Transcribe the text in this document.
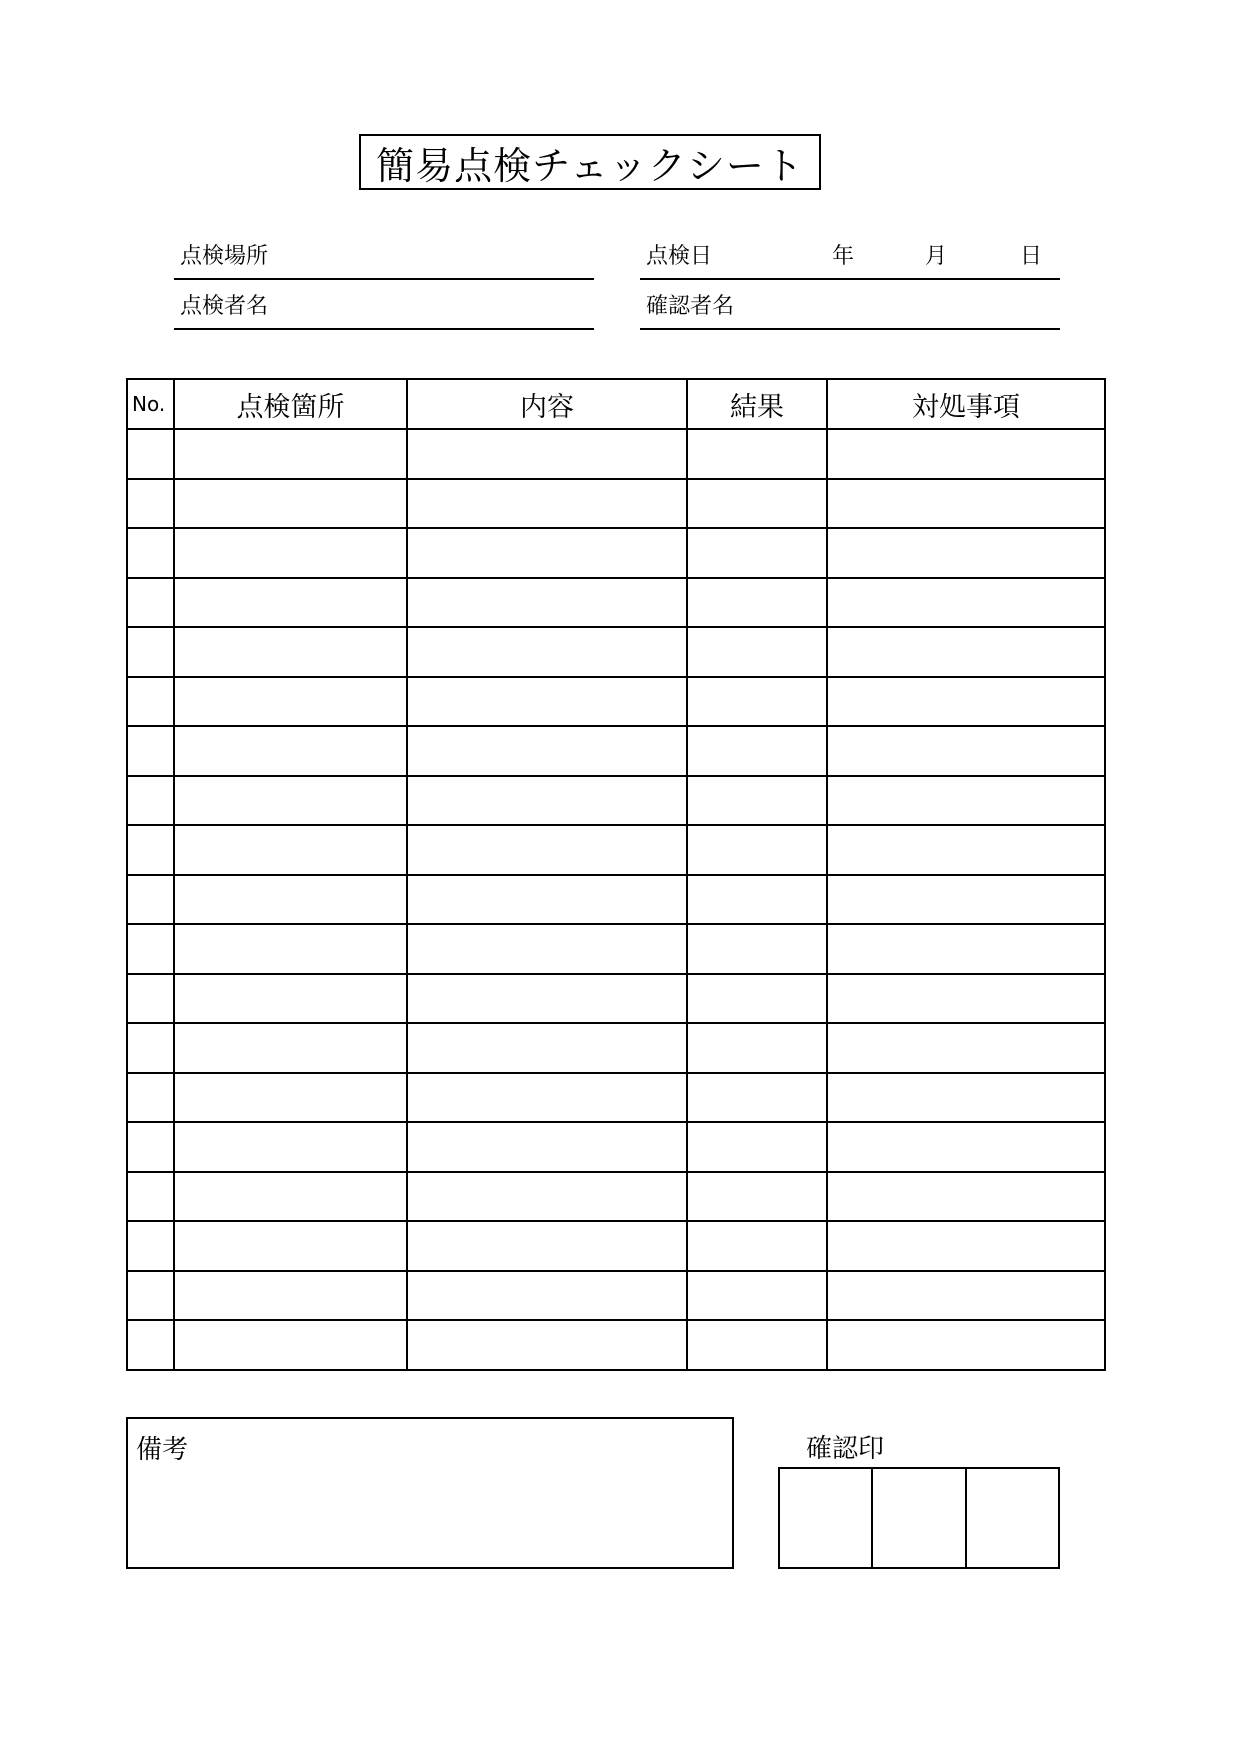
簡易点検チェックシート
点検場所
点検者名
点検日	年	月	日
確認者名
No.	点検箇所	内容	結果	対処事項

備考	確認印
